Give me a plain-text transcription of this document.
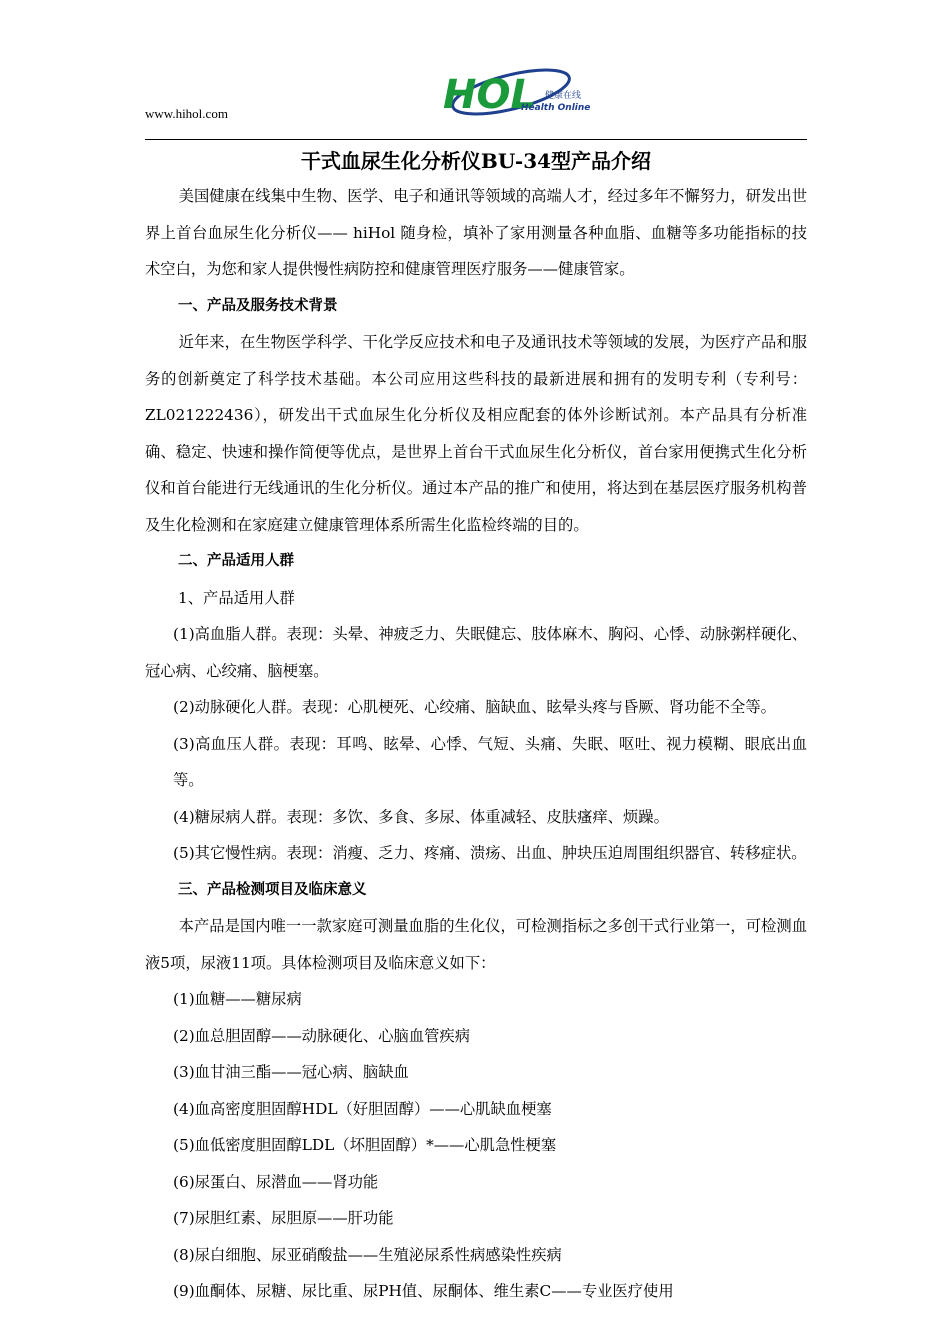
www.hihol.com	HOL 健康在线
Health Online
干式血尿生化分析仪BU-34型产品介绍

美国健康在线集中生物、医学、电子和通讯等领域的高端人才，经过多年不懈努力，研发出世界上首台血尿生化分析仪—— hiHol 随身检，填补了家用测量各种血脂、血糖等多功能指标的技术空白，为您和家人提供慢性病防控和健康管理医疗服务——健康管家。

一、产品及服务技术背景

近年来，在生物医学科学、干化学反应技术和电子及通讯技术等领域的发展，为医疗产品和服务的创新奠定了科学技术基础。本公司应用这些科技的最新进展和拥有的发明专利（专利号：ZL021222436），研发出干式血尿生化分析仪及相应配套的体外诊断试剂。本产品具有分析准确、稳定、快速和操作简便等优点，是世界上首台干式血尿生化分析仪，首台家用便携式生化分析仪和首台能进行无线通讯的生化分析仪。通过本产品的推广和使用，将达到在基层医疗服务机构普及生化检测和在家庭建立健康管理体系所需生化监检终端的目的。

二、产品适用人群

1、产品适用人群

(1)高血脂人群。表现：头晕、神疲乏力、失眠健忘、肢体麻木、胸闷、心悸、动脉粥样硬化、冠心病、心绞痛、脑梗塞。

(2)动脉硬化人群。表现：心肌梗死、心绞痛、脑缺血、眩晕头疼与昏厥、肾功能不全等。

(3)高血压人群。表现：耳鸣、眩晕、心悸、气短、头痛、失眠、呕吐、视力模糊、眼底出血等。

(4)糖尿病人群。表现：多饮、多食、多尿、体重减轻、皮肤瘙痒、烦躁。

(5)其它慢性病。表现：消瘦、乏力、疼痛、溃疡、出血、肿块压迫周围组织器官、转移症状。

三、产品检测项目及临床意义

本产品是国内唯一一款家庭可测量血脂的生化仪，可检测指标之多创干式行业第一，可检测血液5项，尿液11项。具体检测项目及临床意义如下：

(1)血糖——糖尿病

(2)血总胆固醇——动脉硬化、心脑血管疾病

(3)血甘油三酯——冠心病、脑缺血

(4)血高密度胆固醇HDL（好胆固醇）——心肌缺血梗塞

(5)血低密度胆固醇LDL（坏胆固醇）*——心肌急性梗塞

(6)尿蛋白、尿潜血——肾功能

(7)尿胆红素、尿胆原——肝功能

(8)尿白细胞、尿亚硝酸盐——生殖泌尿系性病感染性疾病

(9)血酮体、尿糖、尿比重、尿PH值、尿酮体、维生素C——专业医疗使用
